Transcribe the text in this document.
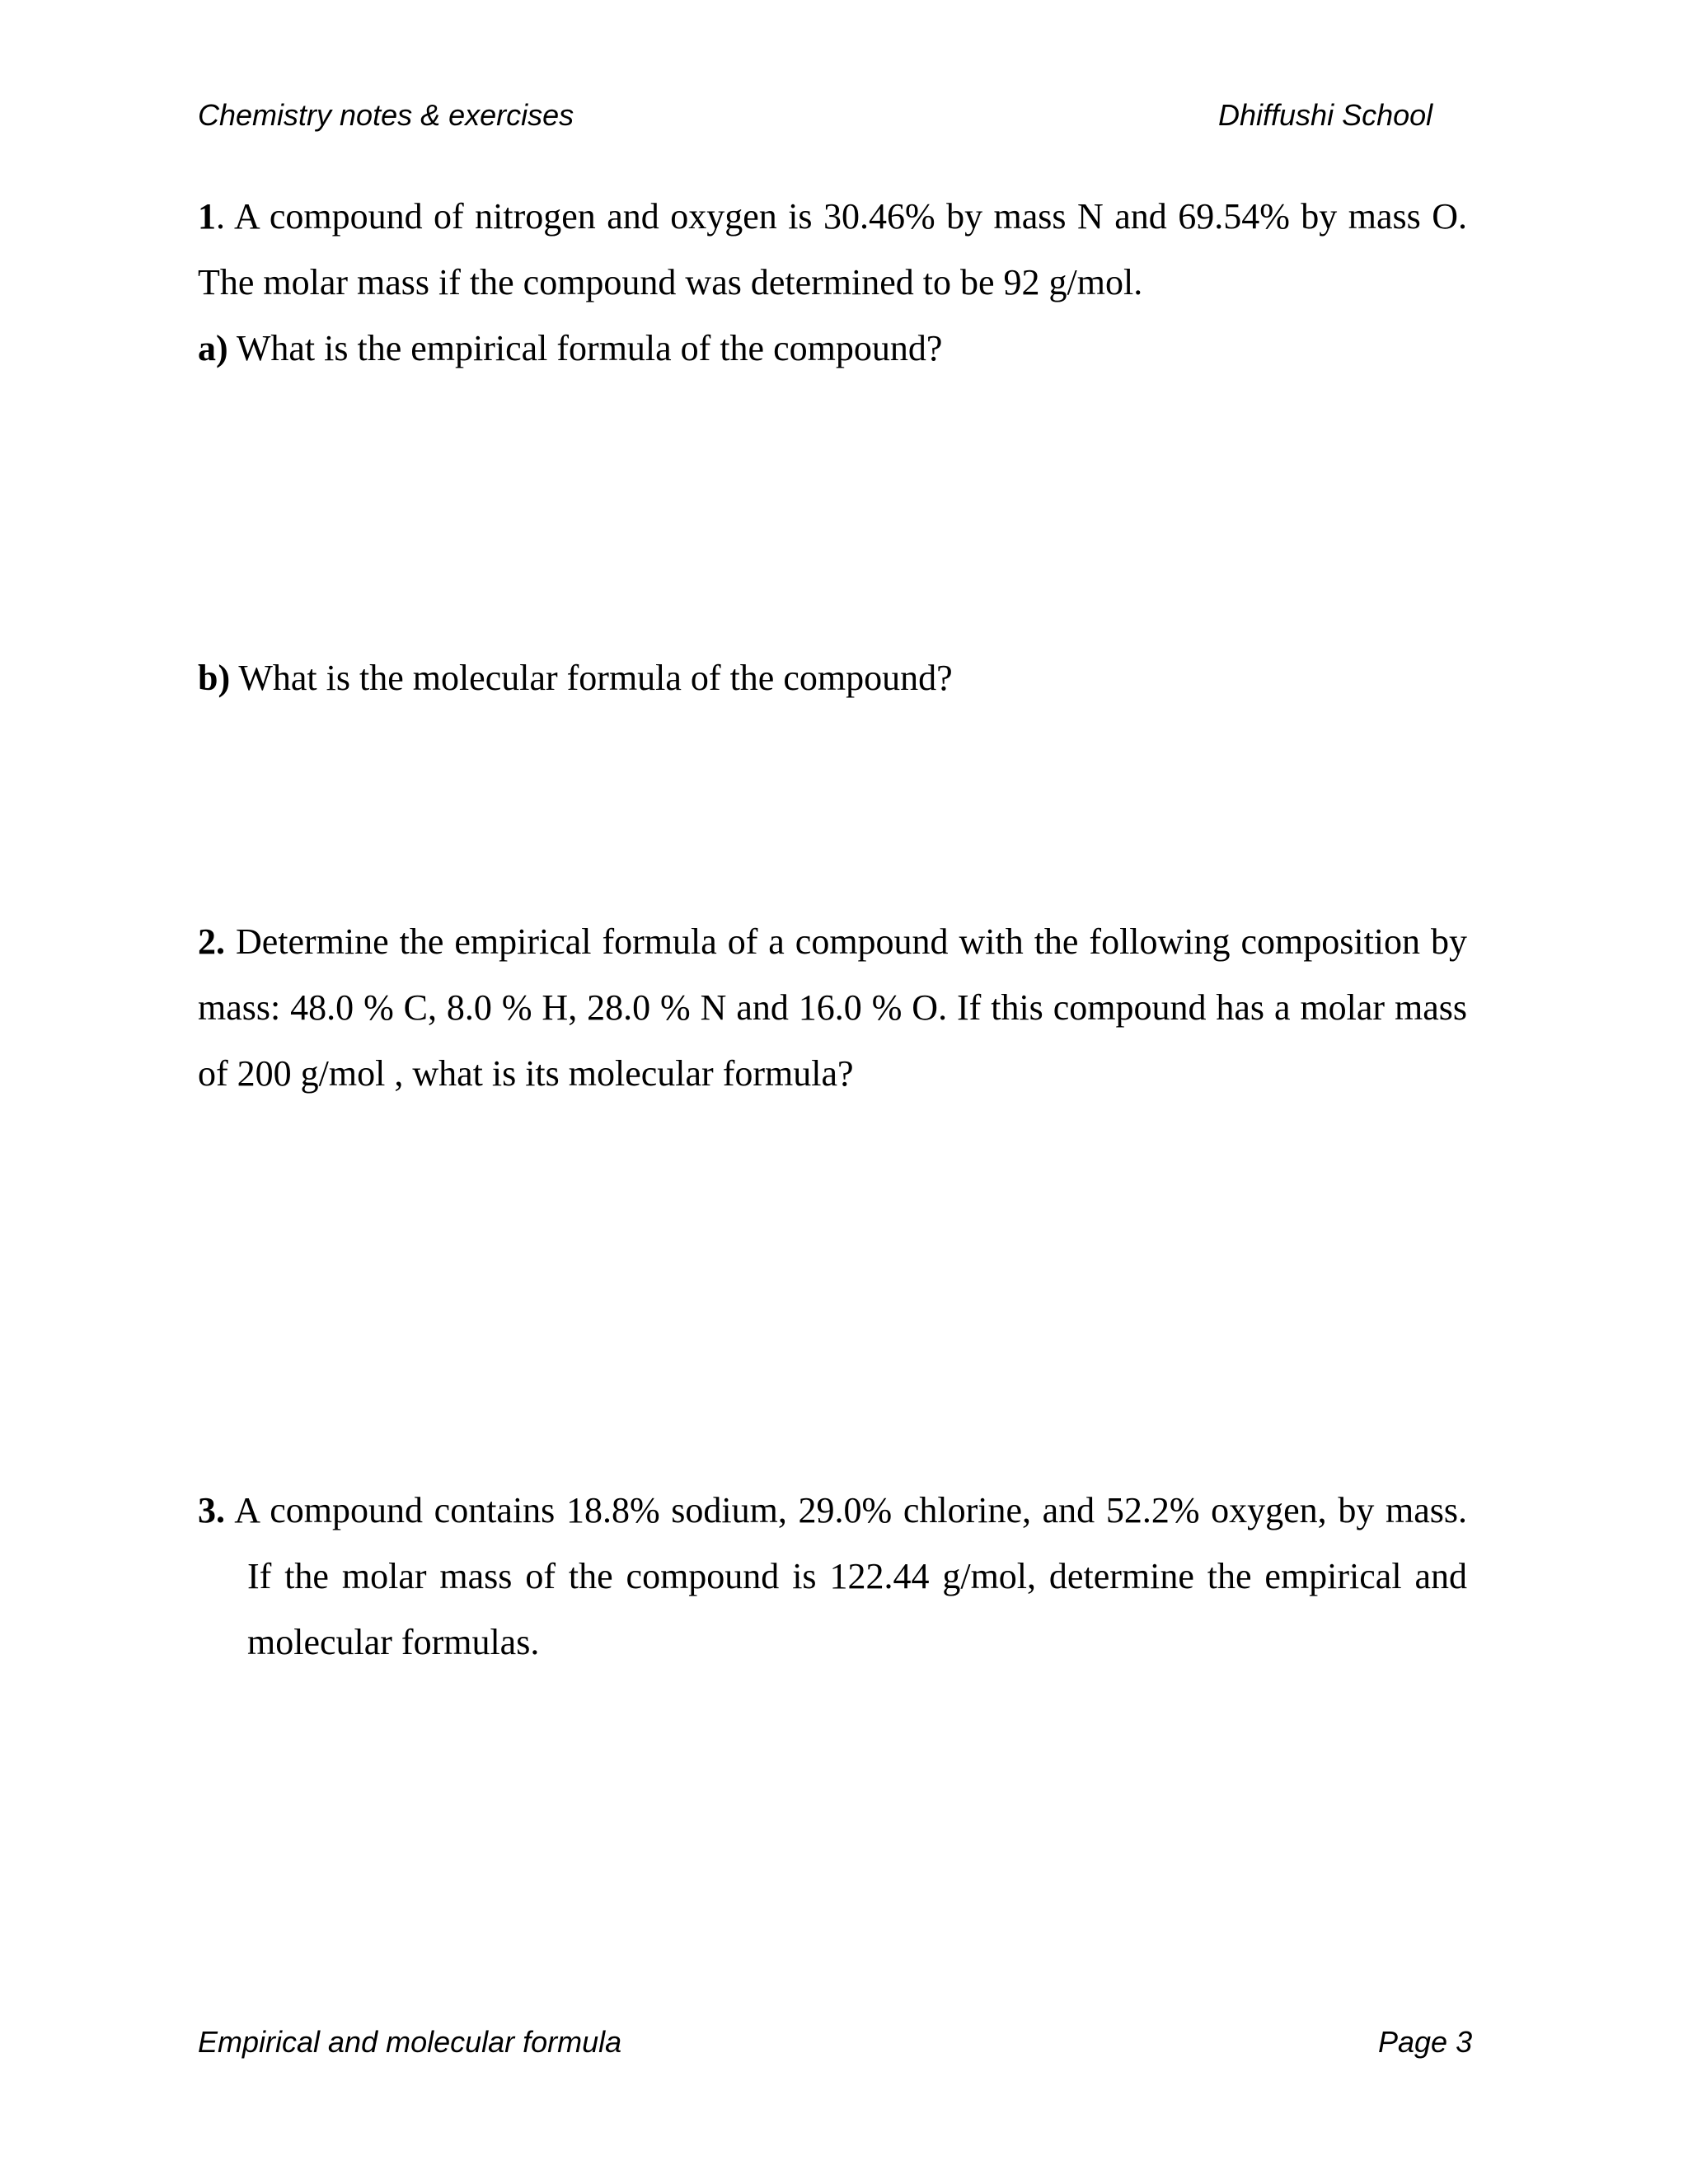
Chemistry notes & exercises	Dhiffushi School

1. A compound of nitrogen and oxygen is 30.46% by mass N and 69.54% by mass O. The molar mass if the compound was determined to be 92 g/mol.

a) What is the empirical formula of the compound?

b) What is the molecular formula of the compound?

2. Determine the empirical formula of a compound with the following composition by mass: 48.0 % C, 8.0 % H, 28.0 % N and 16.0 % O. If this compound has a molar mass of 200 g/mol , what is its molecular formula?

3. A compound contains 18.8% sodium, 29.0% chlorine, and 52.2% oxygen, by mass. If the molar mass of the compound is 122.44 g/mol, determine the empirical and molecular formulas.

Empirical and molecular formula	Page 3
